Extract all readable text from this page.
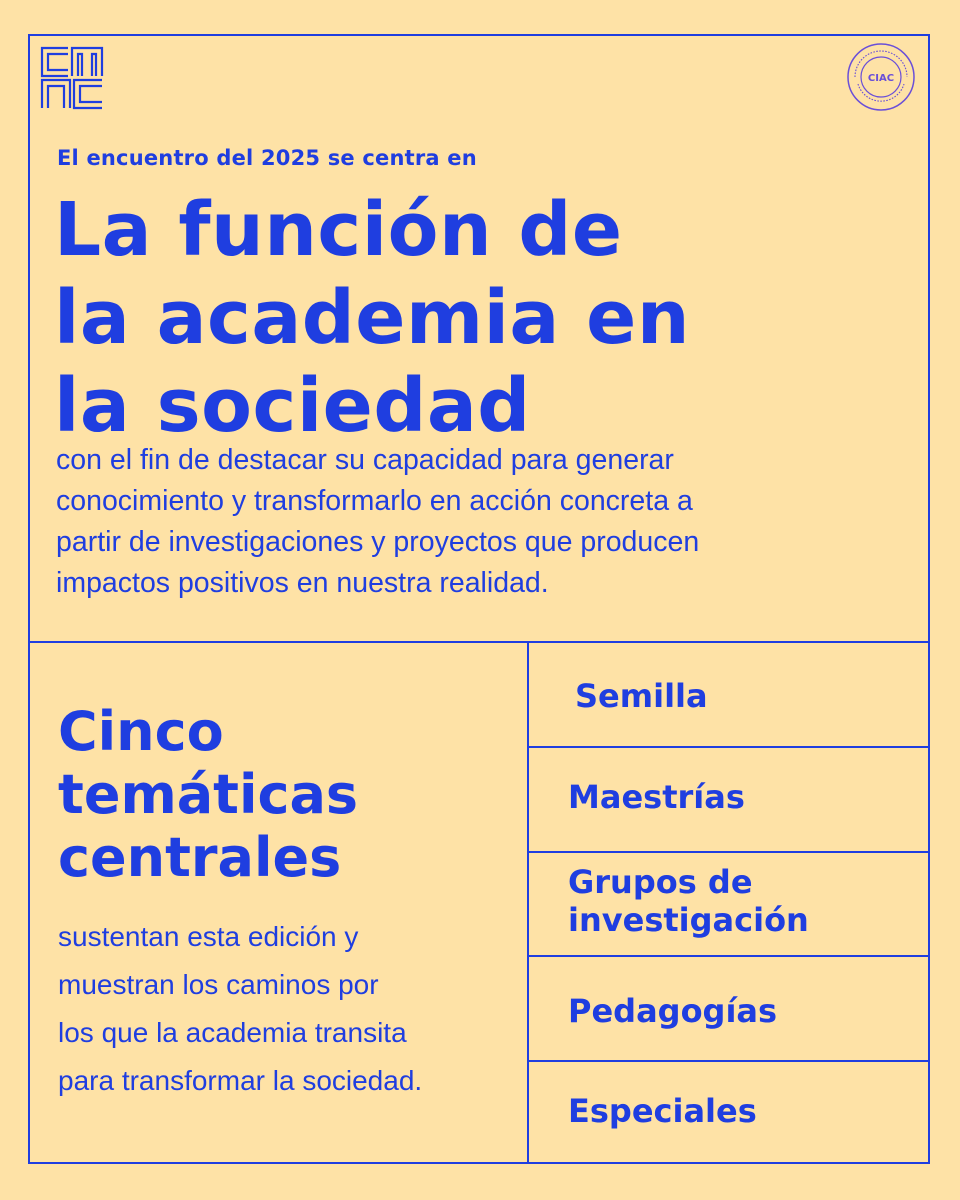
CIAC
El encuentro del 2025 se centra en
La función de
la academia en
la sociedad
con el fin de destacar su capacidad para generar
conocimiento y transformarlo en acción concreta a
partir de investigaciones y proyectos que producen
impactos positivos en nuestra realidad.
Cinco
temáticas
centrales
sustentan esta edición y
muestran los caminos por
los que la academia transita
para transformar la sociedad.
Semilla
Maestrías
Grupos de
investigación
Pedagogías
Especiales
